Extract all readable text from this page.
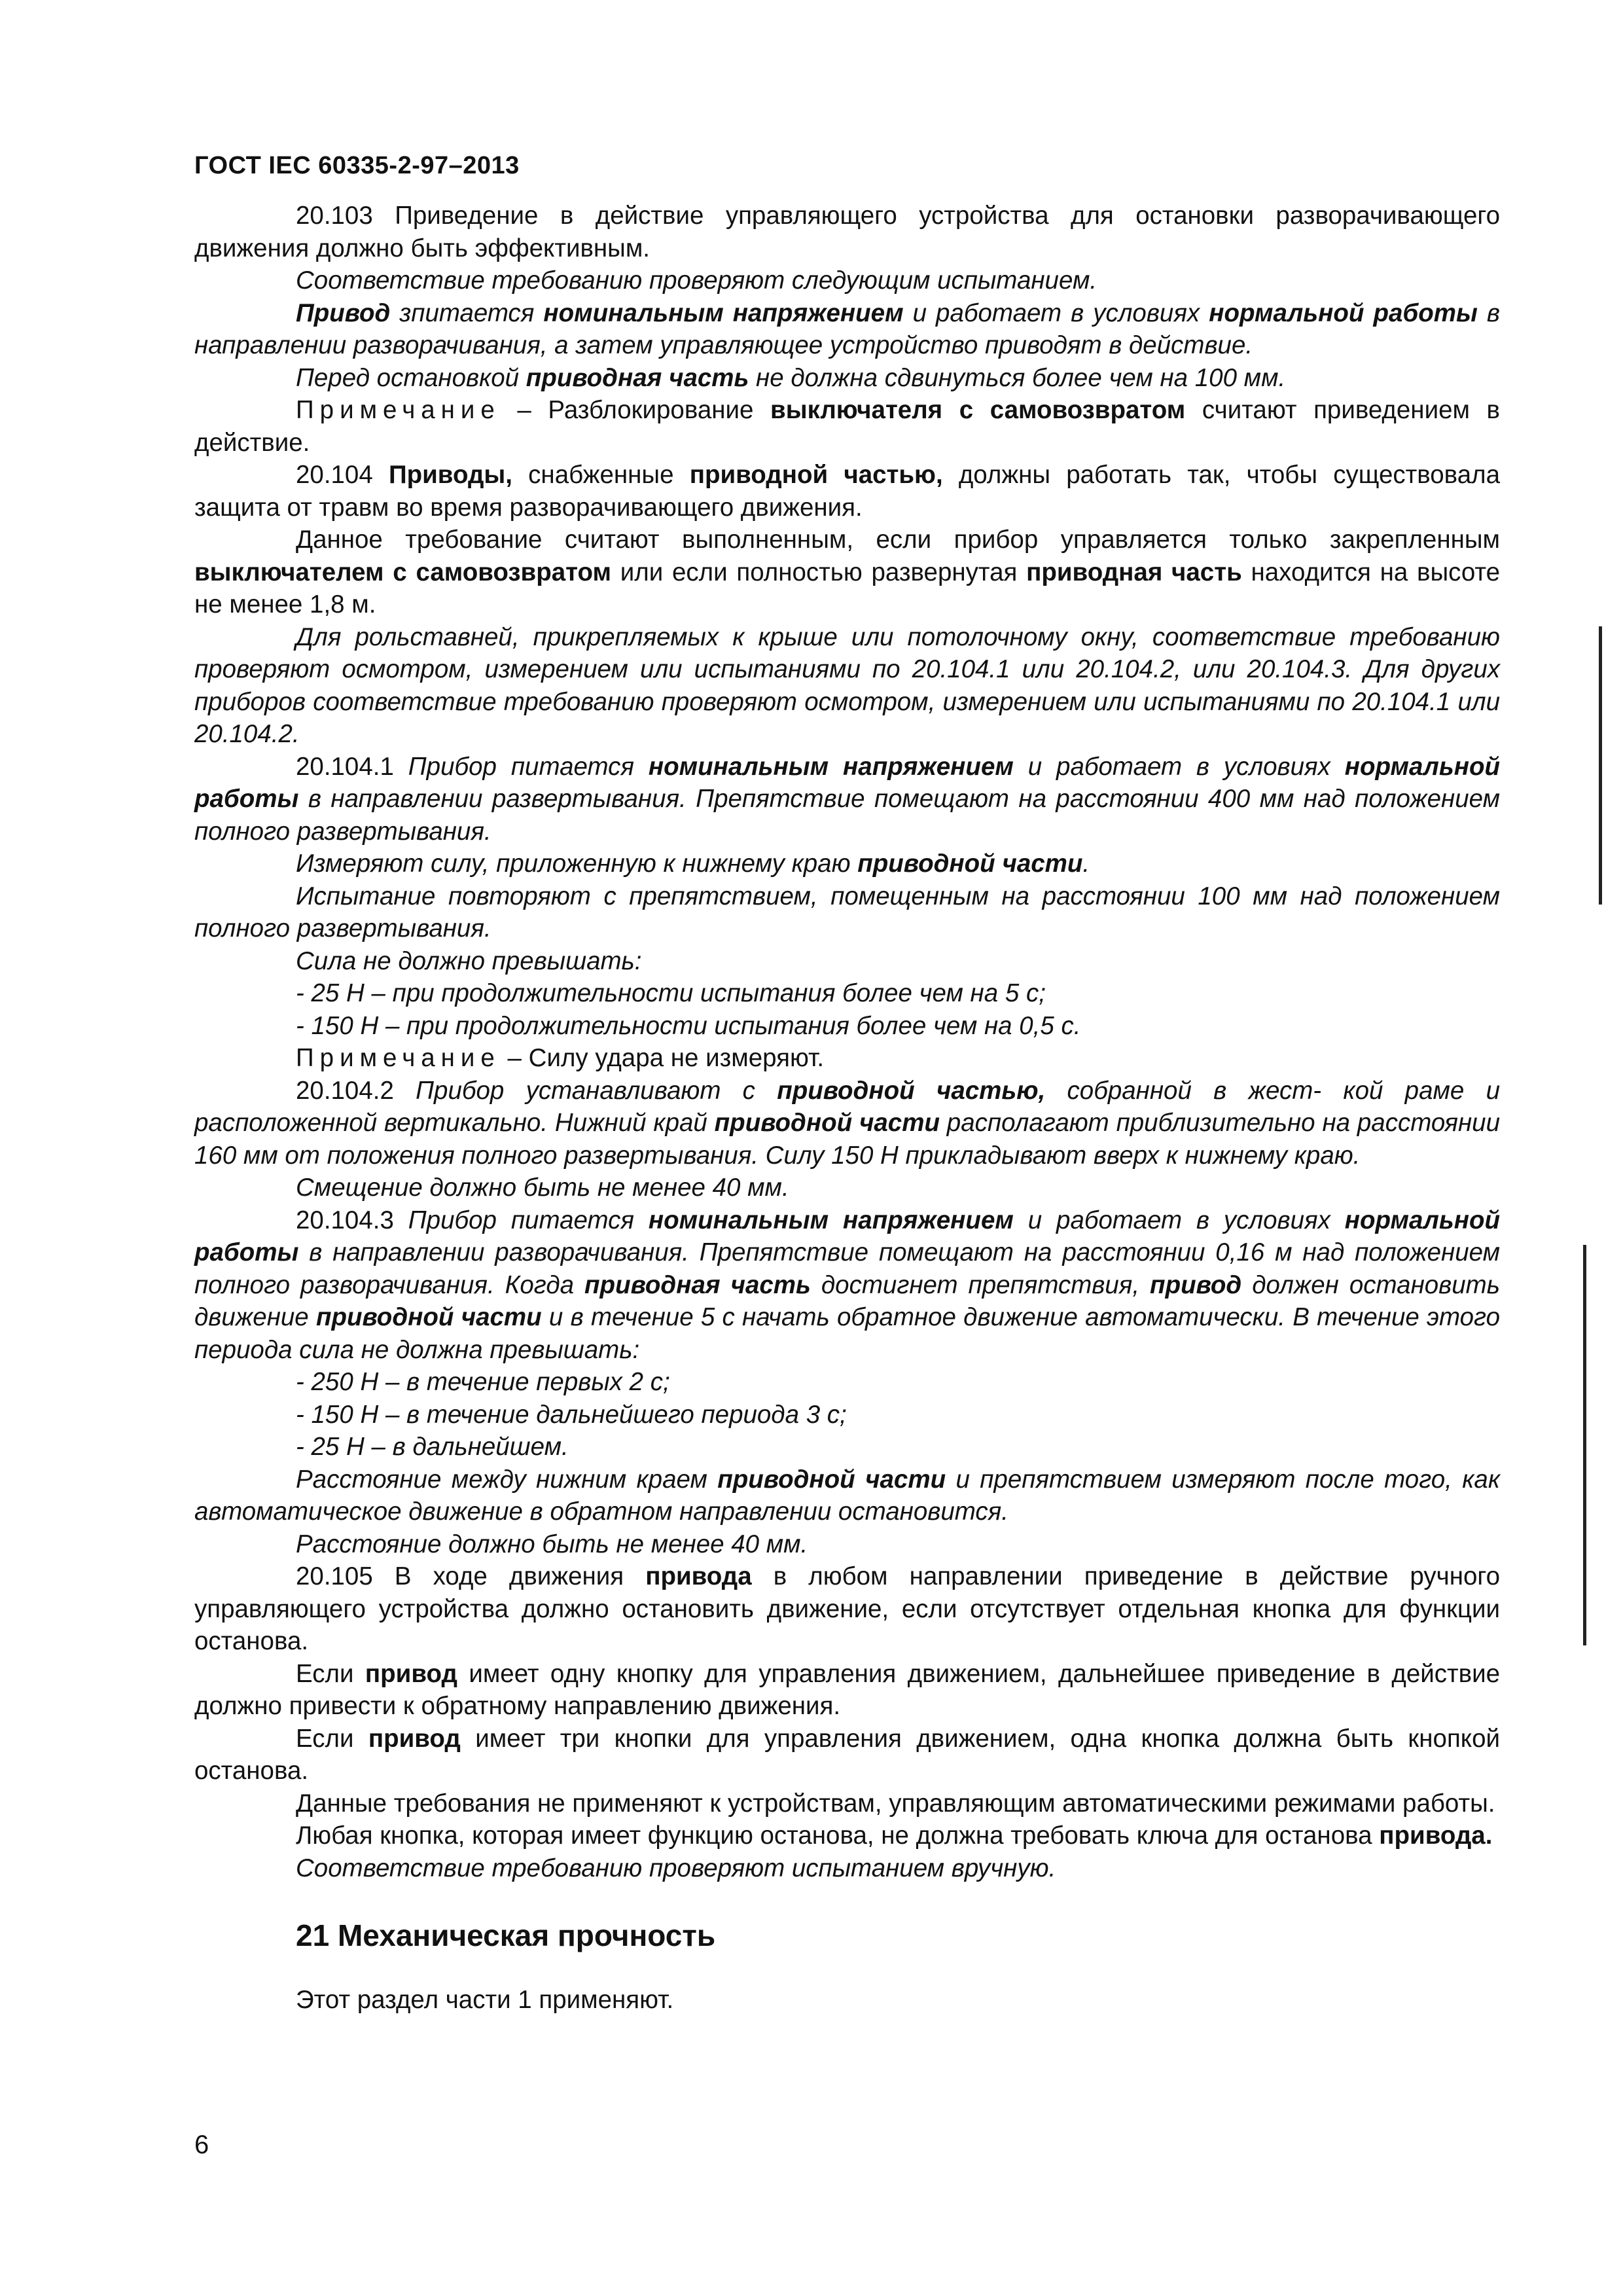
ГОСТ IEC 60335-2-97–2013

20.103 Приведение в действие управляющего устройства для остановки разворачивающего движения должно быть эффективным.

Соответствие требованию проверяют следующим испытанием.

Привод зпитается номинальным напряжением и работает в условиях нормальной работы в направлении разворачивания, а затем управляющее устройство приводят в действие.

Перед остановкой приводная часть не должна сдвинуться более чем на 100 мм.

Примечание – Разблокирование выключателя с самовозвратом считают приведением в действие.

20.104 Приводы, снабженные приводной частью, должны работать так, чтобы существовала защита от травм во время разворачивающего движения.

Данное требование считают выполненным, если прибор управляется только закрепленным выключателем с самовозвратом или если полностью развернутая приводная часть находится на высоте не менее 1,8 м.

Для рольставней, прикрепляемых к крыше или потолочному окну, соответствие требованию проверяют осмотром, измерением или испытаниями по 20.104.1 или 20.104.2, или 20.104.3. Для других приборов соответствие требованию проверяют осмотром, измерением или испытаниями по 20.104.1 или 20.104.2.

20.104.1 Прибор питается номинальным напряжением и работает в условиях нормальной работы в направлении развертывания. Препятствие помещают на расстоянии 400 мм над положением полного развертывания.

Измеряют силу, приложенную к нижнему краю приводной части.

Испытание повторяют с препятствием, помещенным на расстоянии 100 мм над положением полного развертывания.

Сила не должно превышать:

- 25 Н – при продолжительности испытания более чем на 5 с;

- 150 Н – при продолжительности испытания более чем на 0,5 с.

Примечание – Силу удара не измеряют.

20.104.2 Прибор устанавливают с приводной частью, собранной в жест- кой раме и расположенной вертикально. Нижний край приводной части располагают приблизительно на расстоянии 160 мм от положения полного развертывания. Силу 150 Н прикладывают вверх к нижнему краю.

Смещение должно быть не менее 40 мм.

20.104.3 Прибор питается номинальным напряжением и работает в условиях нормальной работы в направлении разворачивания. Препятствие помещают на расстоянии 0,16 м над положением полного разворачивания. Когда приводная часть достигнет препятствия, привод должен остановить движение приводной части и в течение 5 с начать обратное движение автоматически. В течение этого периода сила не должна превышать:

- 250 Н – в течение первых 2 с;

- 150 Н – в течение дальнейшего периода 3 с;

- 25 Н – в дальнейшем.

Расстояние между нижним краем приводной части и препятствием измеряют после того, как автоматическое движение в обратном направлении остановится.

Расстояние должно быть не менее 40 мм.

20.105 В ходе движения привода в любом направлении приведение в действие ручного управляющего устройства должно остановить движение, если отсутствует отдельная кнопка для функции останова.

Если привод имеет одну кнопку для управления движением, дальнейшее приведение в действие должно привести к обратному направлению движения.

Если привод имеет три кнопки для управления движением, одна кнопка должна быть кнопкой останова.

Данные требования не применяют к устройствам, управляющим автоматическими режимами работы.

Любая кнопка, которая имеет функцию останова, не должна требовать ключа для останова привода.

Соответствие требованию проверяют испытанием вручную.

21 Механическая прочность

Этот раздел части 1 применяют.

6
